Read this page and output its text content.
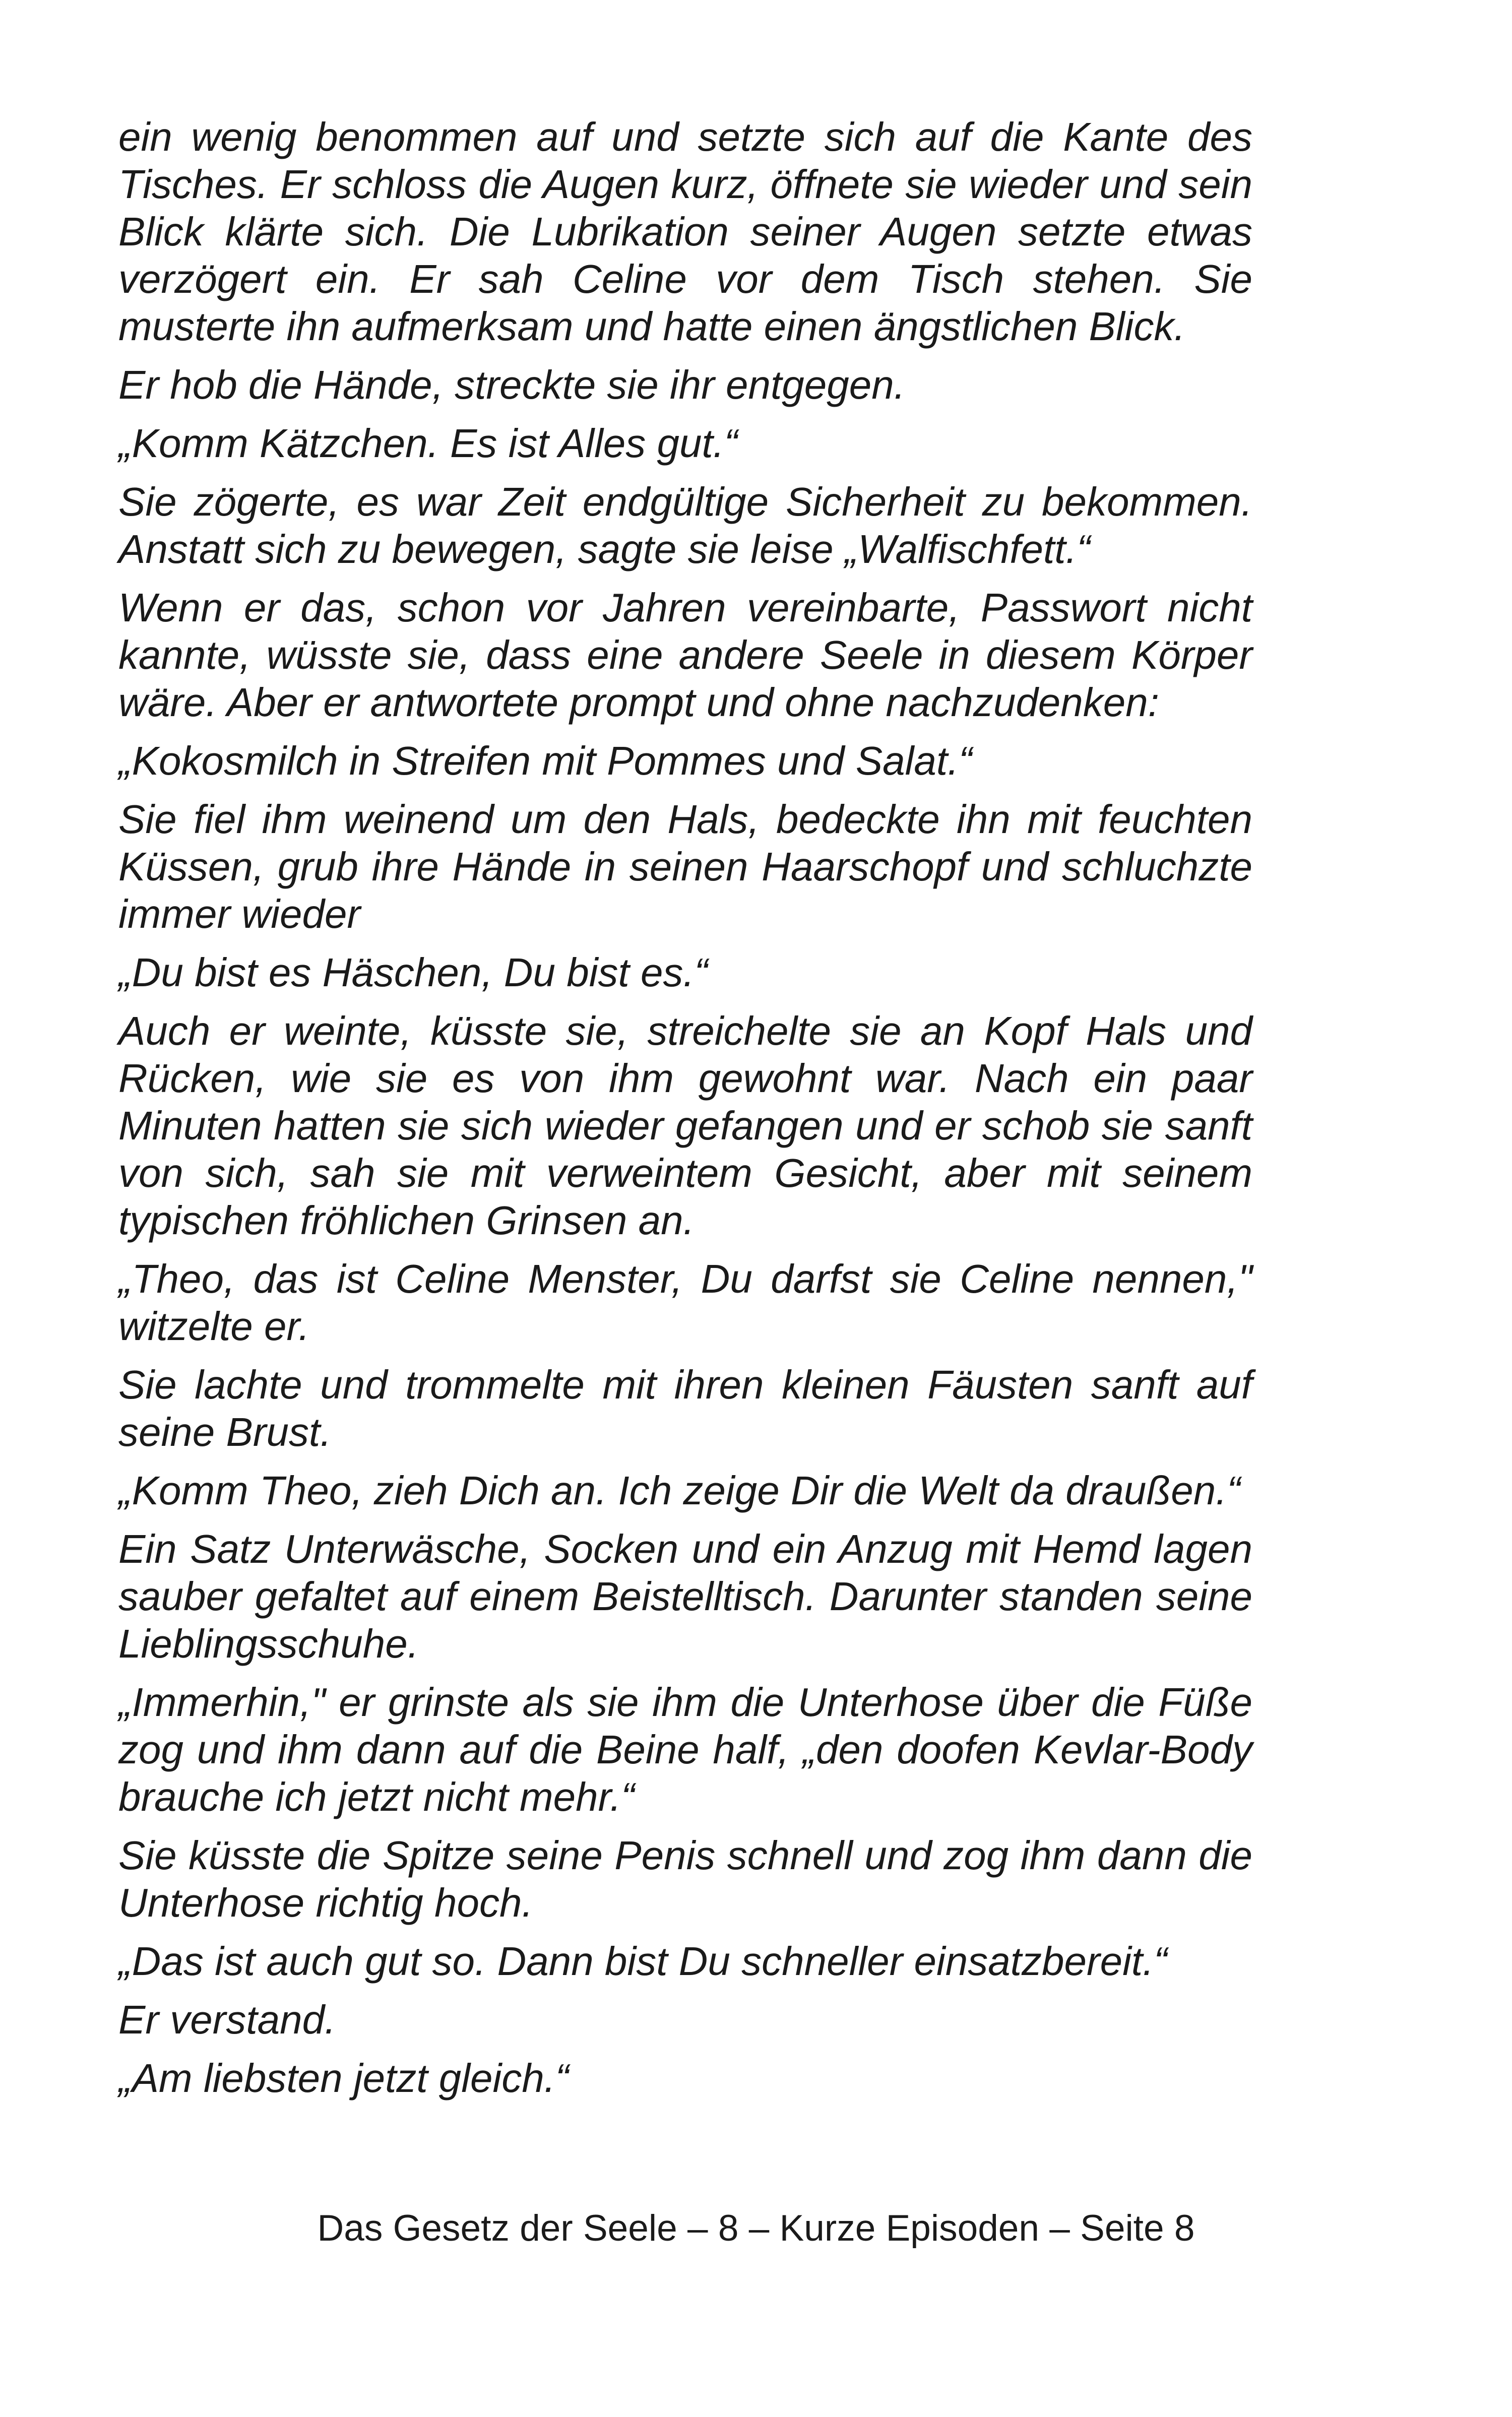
ein wenig benommen auf und setzte sich auf die Kante des Tisches. Er schloss die Augen kurz, öffnete sie wieder und sein Blick klärte sich. Die Lubrikation seiner Augen setzte etwas verzögert ein. Er sah Celine vor dem Tisch stehen. Sie musterte ihn aufmerksam und hatte einen ängstlichen Blick.

Er hob die Hände, streckte sie ihr entgegen.

„Komm Kätzchen. Es ist Alles gut.“

Sie zögerte, es war Zeit endgültige Sicherheit zu bekommen. Anstatt sich zu bewegen, sagte sie leise „Walfischfett.“

Wenn er das, schon vor Jahren vereinbarte, Passwort nicht kannte, wüsste sie, dass eine andere Seele in diesem Körper wäre. Aber er antwortete prompt und ohne nachzudenken:

„Kokosmilch in Streifen mit Pommes und Salat.“

Sie fiel ihm weinend um den Hals, bedeckte ihn mit feuchten Küssen, grub ihre Hände in seinen Haarschopf und schluchzte immer wieder

„Du bist es Häschen, Du bist es.“

Auch er weinte, küsste sie, streichelte sie an Kopf Hals und Rücken, wie sie es von ihm gewohnt war. Nach ein paar Minuten hatten sie sich wieder gefangen und er schob sie sanft von sich, sah sie mit verweintem Gesicht, aber mit seinem typischen fröhlichen Grinsen an.

„Theo, das ist Celine Menster, Du darfst sie Celine nennen," witzelte er.

Sie lachte und trommelte mit ihren kleinen Fäusten sanft auf seine Brust.

„Komm Theo, zieh Dich an. Ich zeige Dir die Welt da draußen.“

Ein Satz Unterwäsche, Socken und ein Anzug mit Hemd lagen sauber gefaltet auf einem Beistelltisch. Darunter standen seine Lieblingsschuhe.

„Immerhin," er grinste als sie ihm die Unterhose über die Füße zog und ihm dann auf die Beine half, „den doofen Kevlar-Body brauche ich jetzt nicht mehr.“

Sie küsste die Spitze seine Penis schnell und zog ihm dann die Unterhose richtig hoch.

„Das ist auch gut so. Dann bist Du schneller einsatzbereit.“

Er verstand.

„Am liebsten jetzt gleich.“

Das Gesetz der Seele – 8 – Kurze Episoden – Seite 8
